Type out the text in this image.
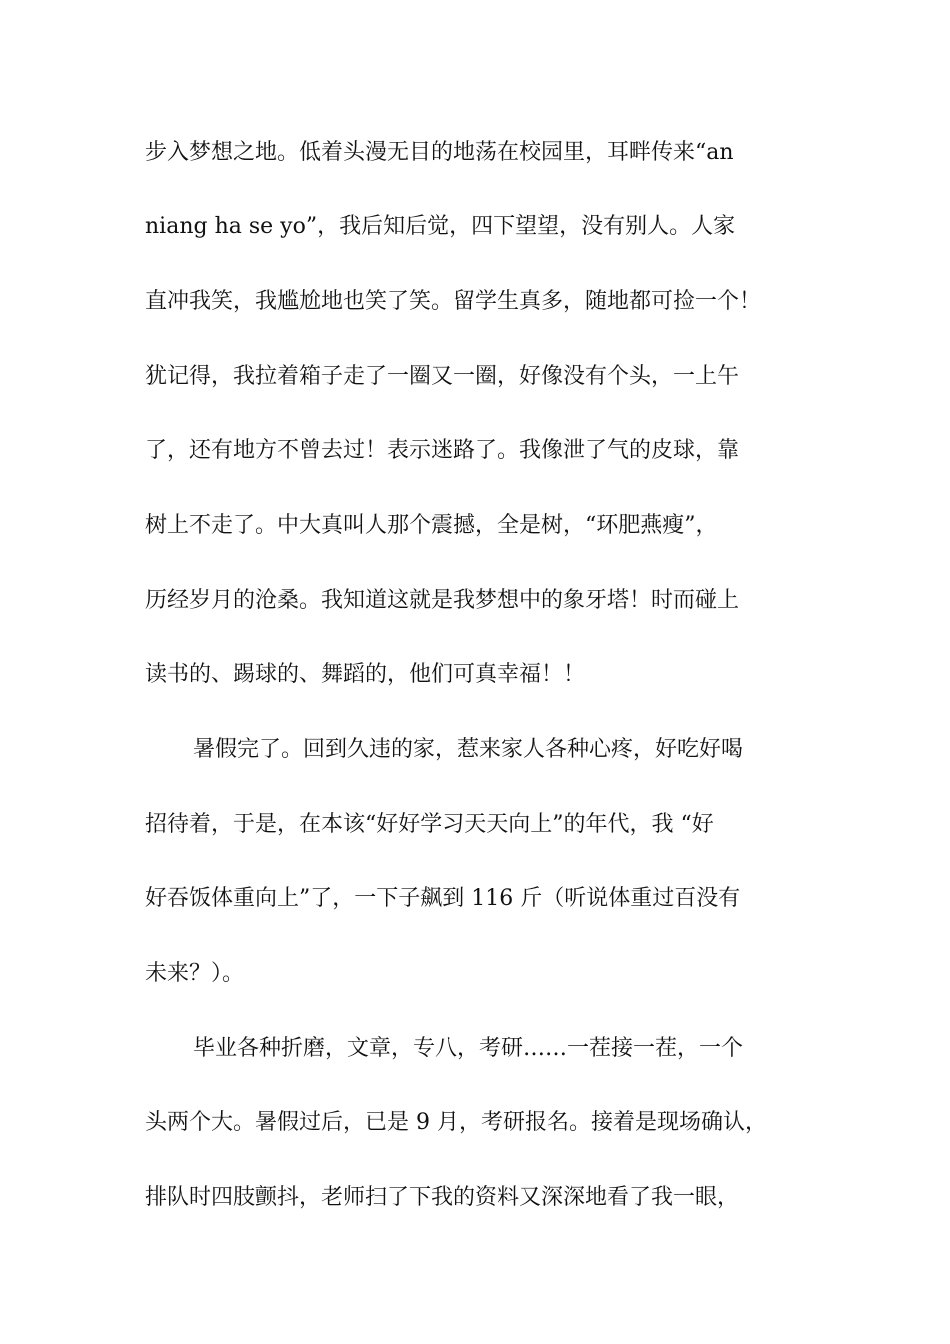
步入梦想之地。低着头漫无目的地荡在校园里，耳畔传来“an
niang ha se yo”，我后知后觉，四下望望，没有别人。人家
直冲我笑，我尴尬地也笑了笑。留学生真多，随地都可捡一个！
犹记得，我拉着箱子走了一圈又一圈，好像没有个头，一上午
了，还有地方不曾去过！表示迷路了。我像泄了气的皮球，靠
树上不走了。中大真叫人那个震撼，全是树，“环肥燕瘦”，
历经岁月的沧桑。我知道这就是我梦想中的象牙塔！时而碰上
读书的、踢球的、舞蹈的，他们可真幸福！！
暑假完了。回到久违的家，惹来家人各种心疼，好吃好喝
招待着，于是，在本该“好好学习天天向上”的年代，我 “好
好吞饭体重向上”了，一下子飙到 116 斤（听说体重过百没有
未来？）。
毕业各种折磨，文章，专八，考研……一茬接一茬，一个
头两个大。暑假过后，已是 9 月，考研报名。接着是现场确认，
排队时四肢颤抖，老师扫了下我的资料又深深地看了我一眼，
